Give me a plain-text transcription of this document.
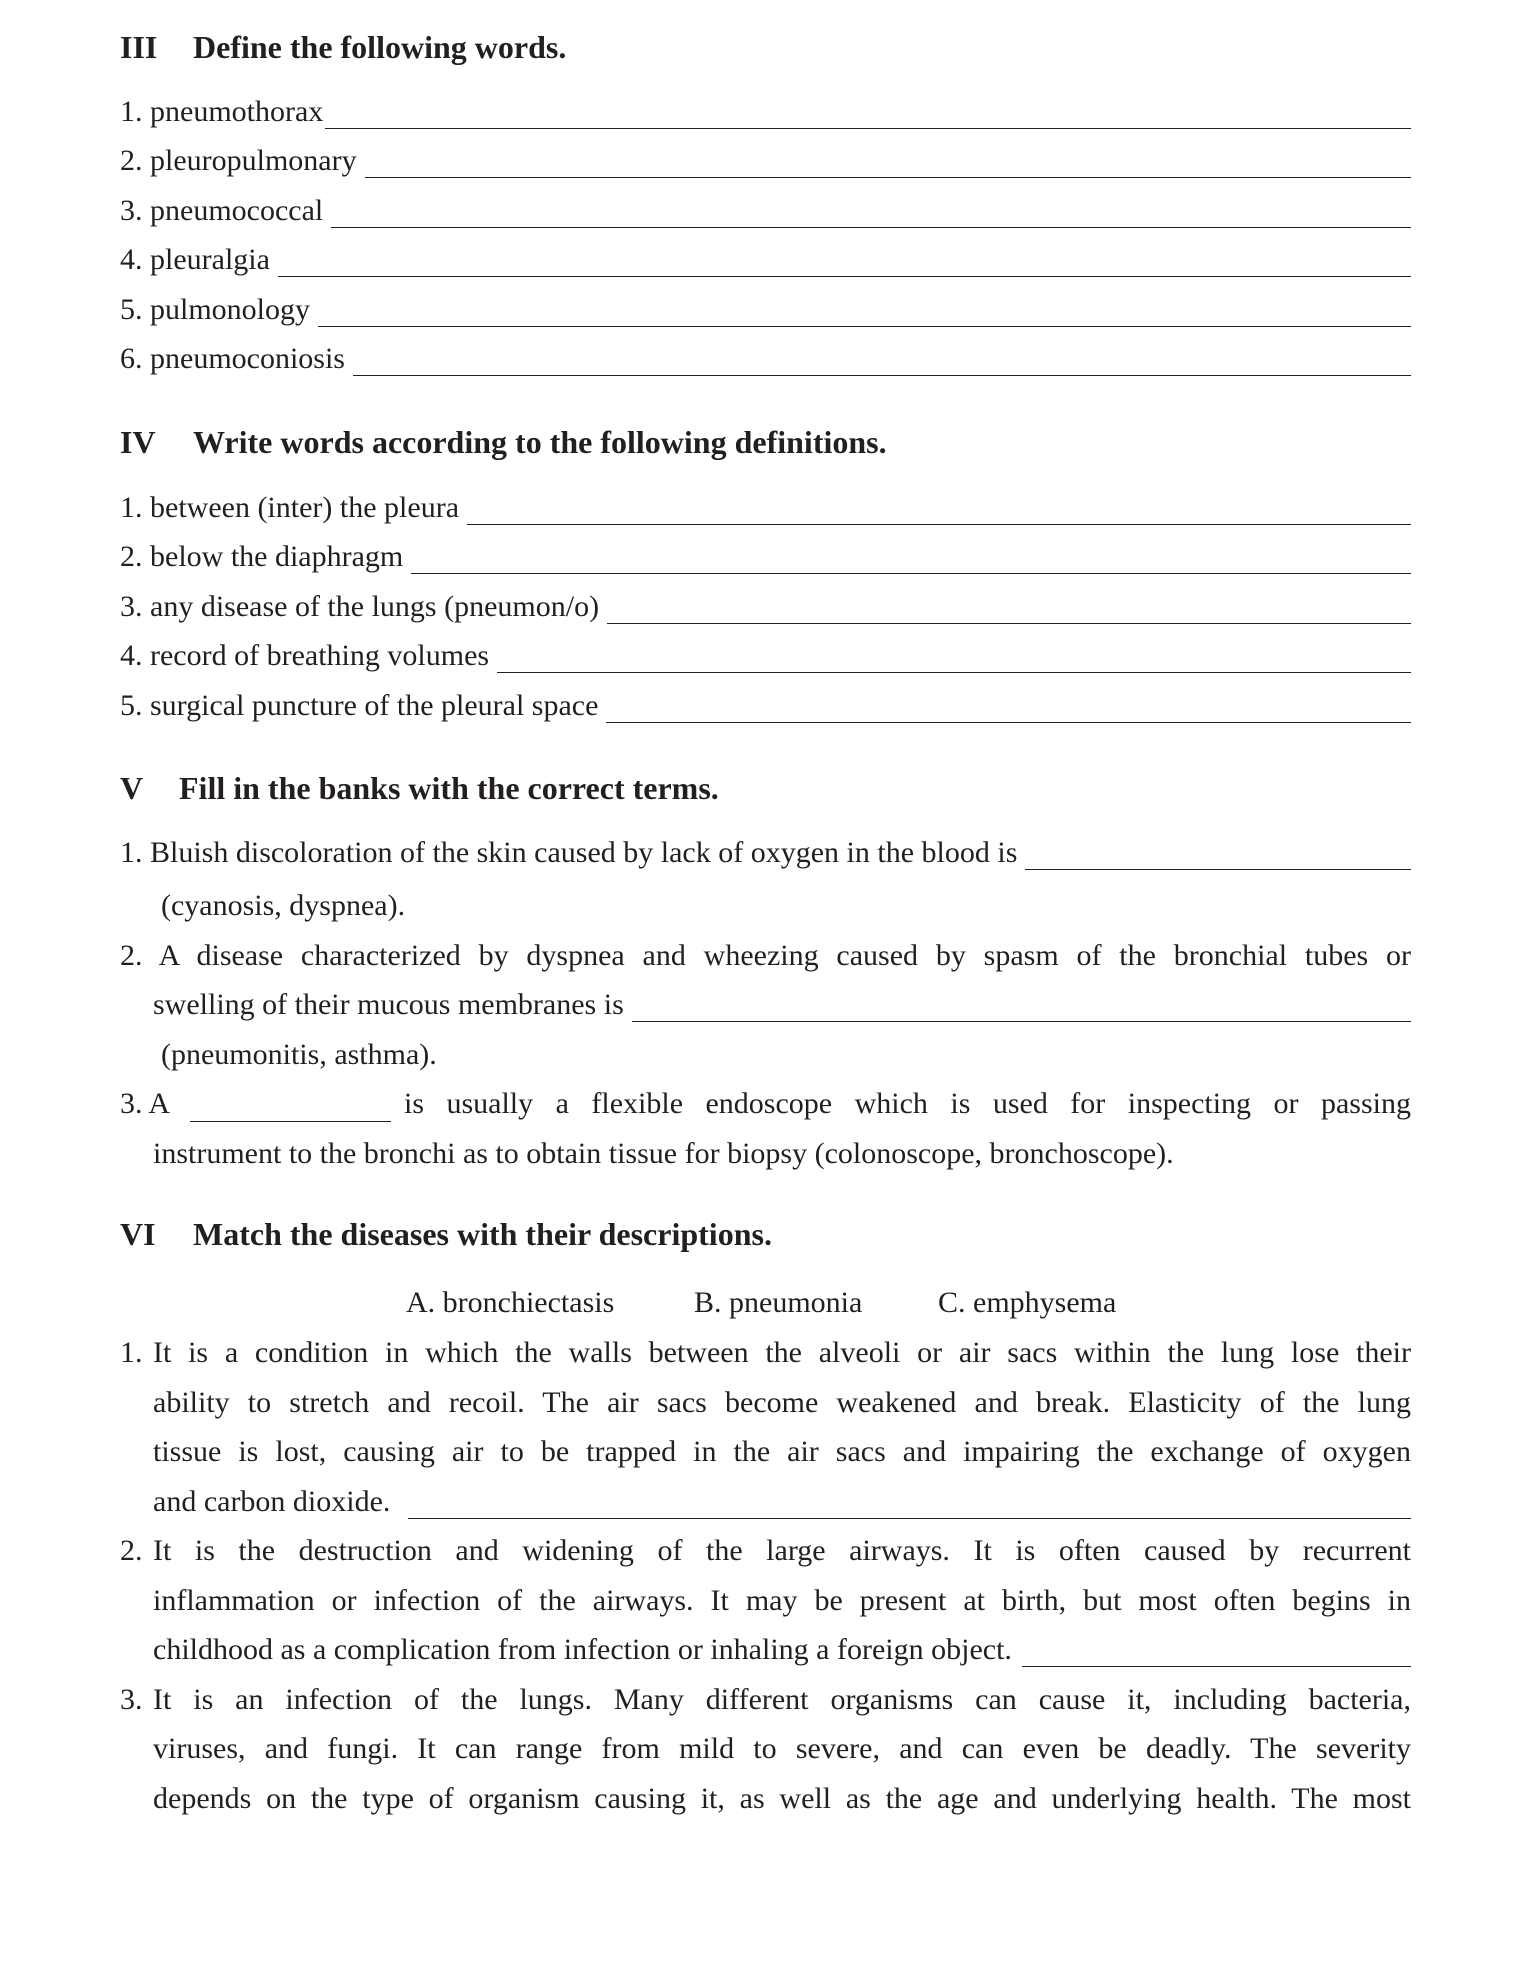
III Define the following words.
1. pneumothorax
2. pleuropulmonary
3. pneumococcal
4. pleuralgia
5. pulmonology
6. pneumoconiosis
IV Write words according to the following definitions.
1. between (inter) the pleura
2. below the diaphragm
3. any disease of the lungs (pneumon/o)
4. record of breathing volumes
5. surgical puncture of the pleural space
V Fill in the banks with the correct terms.
1. Bluish discoloration of the skin caused by lack of oxygen in the blood is
(cyanosis, dyspnea).
2. A disease characterized by dyspnea and wheezing caused by spasm of the bronchial tubes or
swelling of their mucous membranes is
(pneumonitis, asthma).
3. A	is usually a flexible endoscope which is used for inspecting or passing
instrument to the bronchi as to obtain tissue for biopsy (colonoscope, bronchoscope).
VI Match the diseases with their descriptions.
A. bronchiectasis	B. pneumonia	C. emphysema
1. It is a condition in which the walls between the alveoli or air sacs within the lung lose their
ability to stretch and recoil. The air sacs become weakened and break. Elasticity of the lung
tissue is lost, causing air to be trapped in the air sacs and impairing the exchange of oxygen
and carbon dioxide.
2. It is the destruction and widening of the large airways. It is often caused by recurrent
inflammation or infection of the airways. It may be present at birth, but most often begins in
childhood as a complication from infection or inhaling a foreign object.
3. It is an infection of the lungs. Many different organisms can cause it, including bacteria,
viruses, and fungi. It can range from mild to severe, and can even be deadly. The severity
depends on the type of organism causing it, as well as the age and underlying health. The most
